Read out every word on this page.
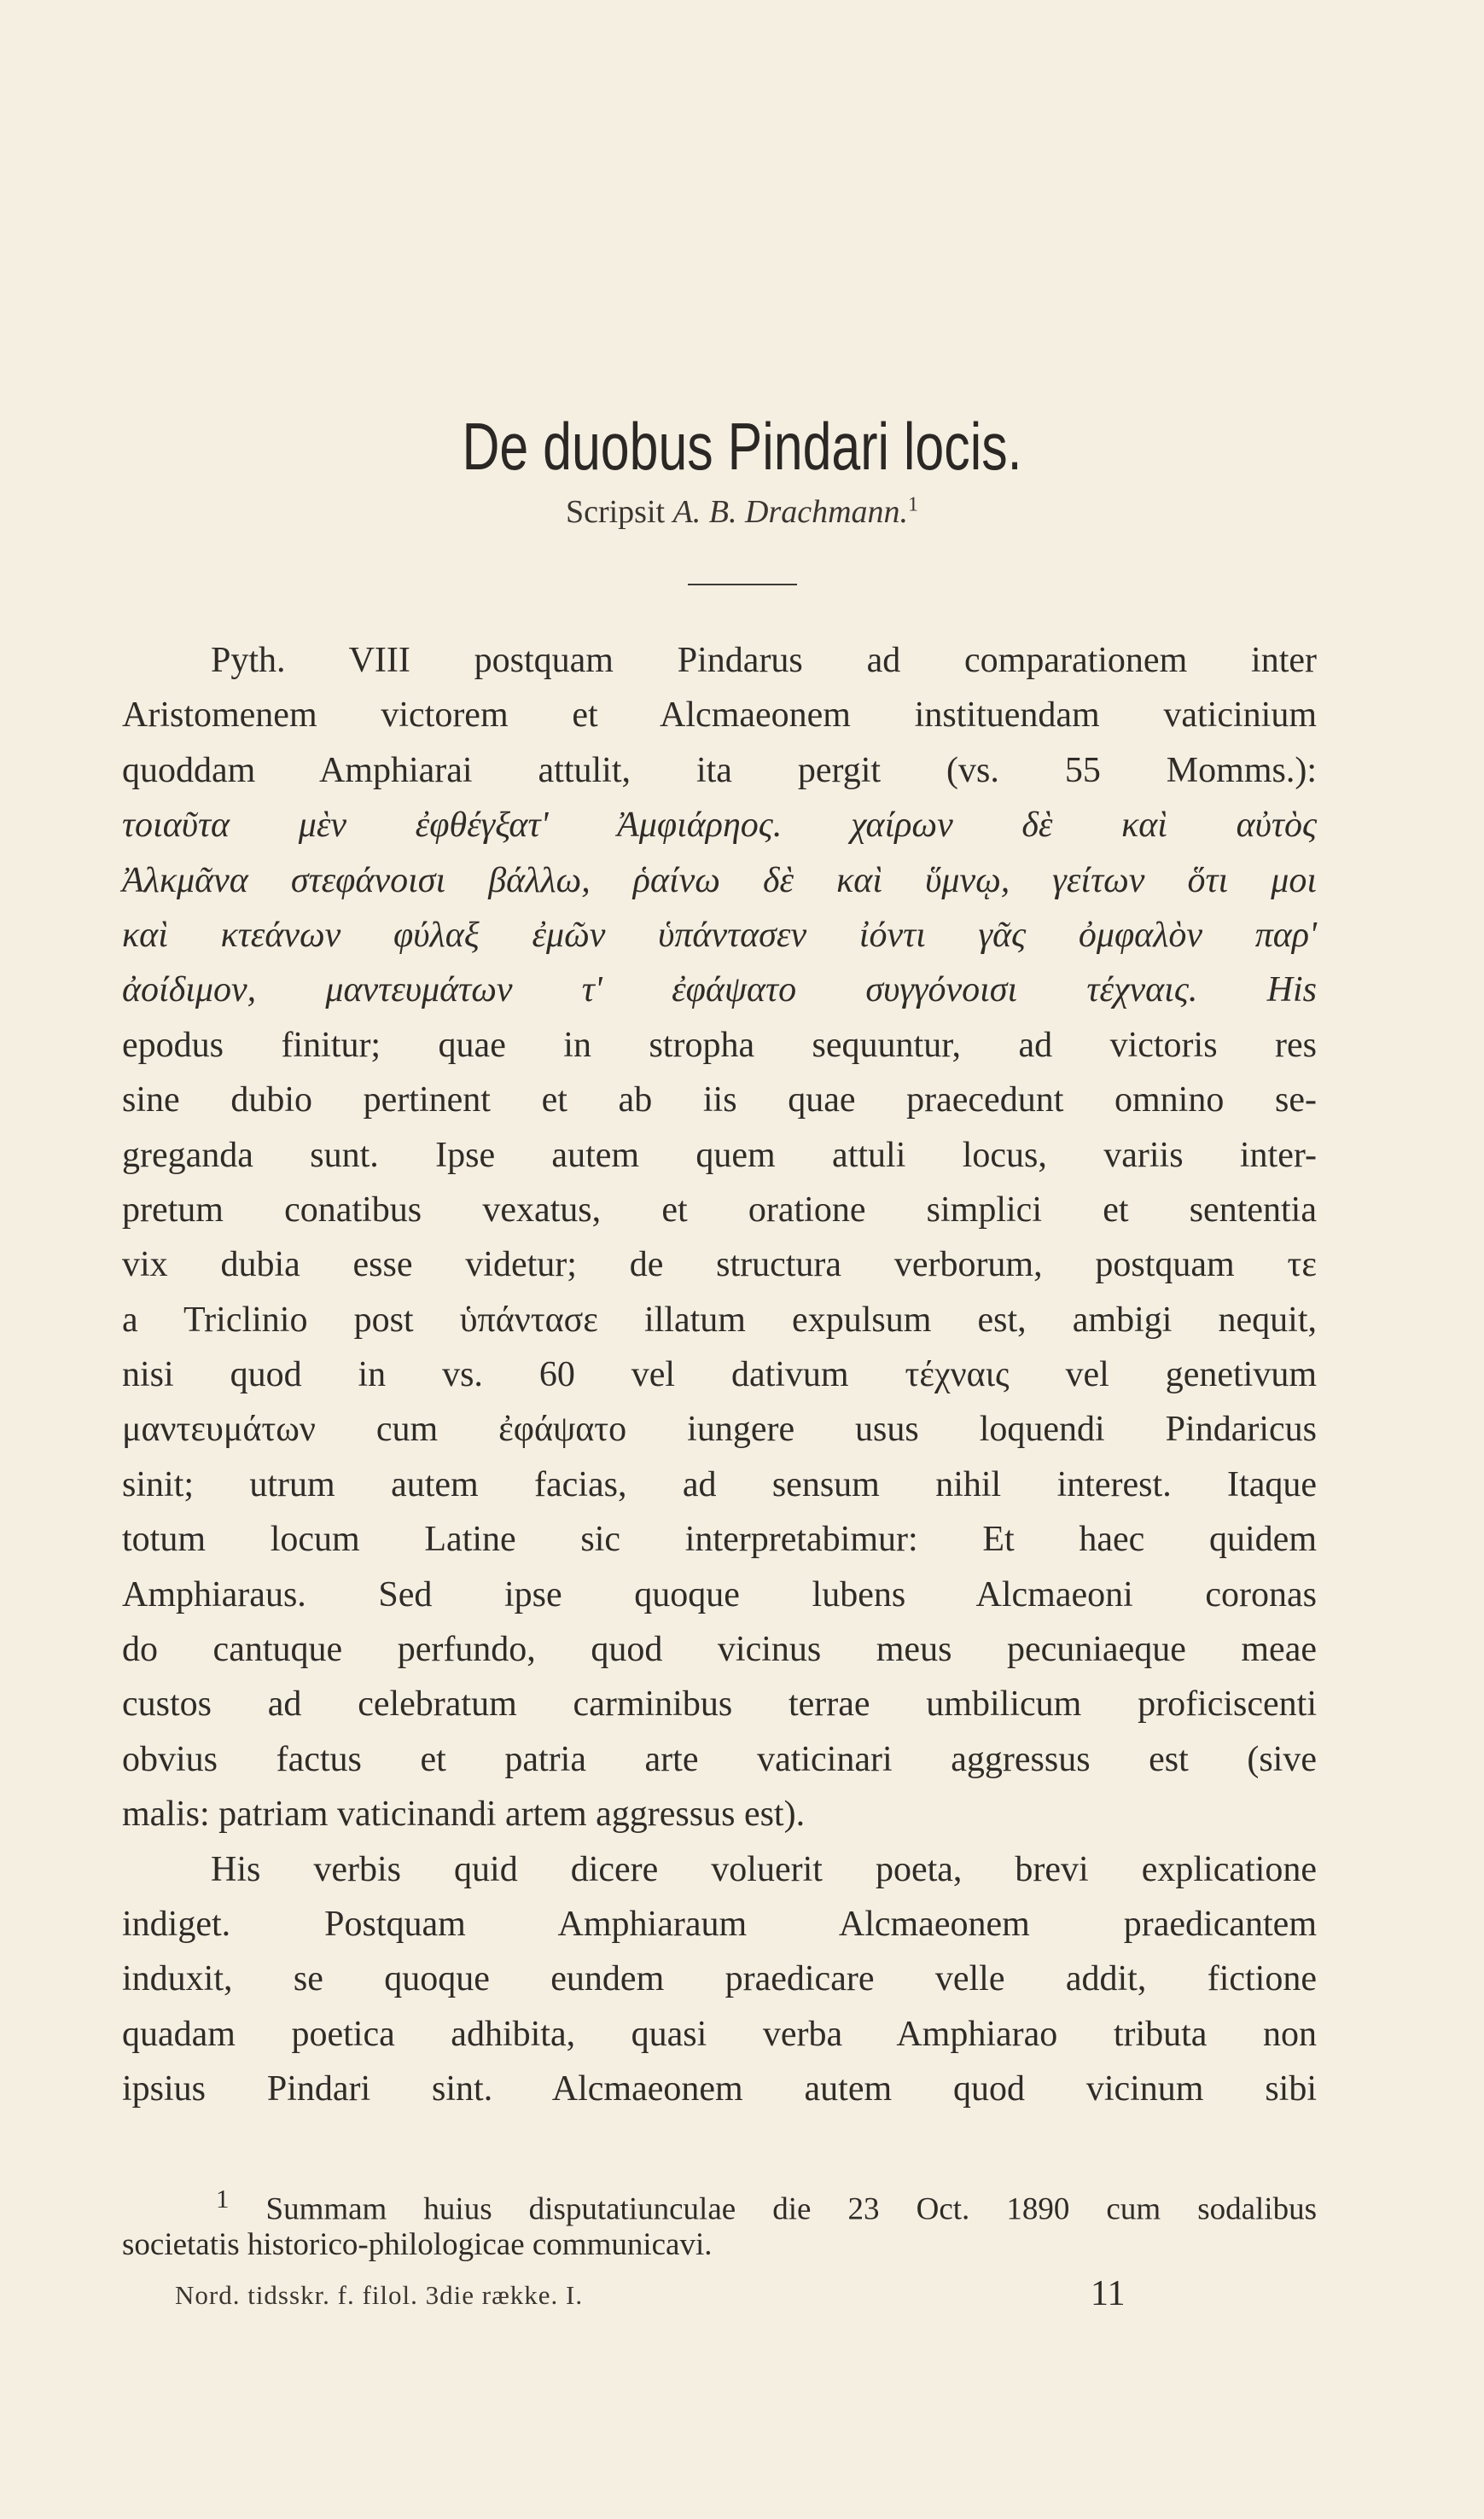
De duobus Pindari locis.
Scripsit A. B. Drachmann.$^1$
Pyth. VIII postquam Pindarus ad comparationem inter
Aristomenem victorem et Alcmaeonem instituendam vaticinium
quoddam Amphiarai attulit, ita pergit (vs. 55 Momms.):
τοιαῦτα μὲν ἐφθέγξατ' Ἀμφιάρηος. χαίρων δὲ καὶ αὐτὸς
Ἀλκμᾶνα στεφάνοισι βάλλω, ῥαίνω δὲ καὶ ὕμνῳ, γείτων ὅτι μοι
καὶ κτεάνων φύλαξ ἐμῶν ὑπάντασεν ἰόντι γᾶς ὀμφαλὸν παρ'
ἀοίδιμον, μαντευμάτων τ' ἐφάψατο συγγόνοισι τέχναις. His
epodus finitur; quae in stropha sequuntur, ad victoris res
sine dubio pertinent et ab iis quae praecedunt omnino se-
greganda sunt. Ipse autem quem attuli locus, variis inter-
pretum conatibus vexatus, et oratione simplici et sententia
vix dubia esse videtur; de structura verborum, postquam τε
a Triclinio post ὑπάντασε illatum expulsum est, ambigi nequit,
nisi quod in vs. 60 vel dativum τέχναις vel genetivum
μαντευμάτων cum ἐφάψατο iungere usus loquendi Pindaricus
sinit; utrum autem facias, ad sensum nihil interest. Itaque
totum locum Latine sic interpretabimur: Et haec quidem
Amphiaraus. Sed ipse quoque lubens Alcmaeoni coronas
do cantuque perfundo, quod vicinus meus pecuniaeque meae
custos ad celebratum carminibus terrae umbilicum proficiscenti
obvius factus et patria arte vaticinari aggressus est (sive
malis: patriam vaticinandi artem aggressus est).
His verbis quid dicere voluerit poeta, brevi explicatione
indiget. Postquam Amphiaraum Alcmaeonem praedicantem
induxit, se quoque eundem praedicare velle addit, fictione
quadam poetica adhibita, quasi verba Amphiarao tributa non
ipsius Pindari sint. Alcmaeonem autem quod vicinum sibi
$^1$ Summam huius disputatiunculae die 23 Oct. 1890 cum sodalibus
societatis historico-philologicae communicavi.
Nord. tidsskr. f. filol. 3die række. I.	11
